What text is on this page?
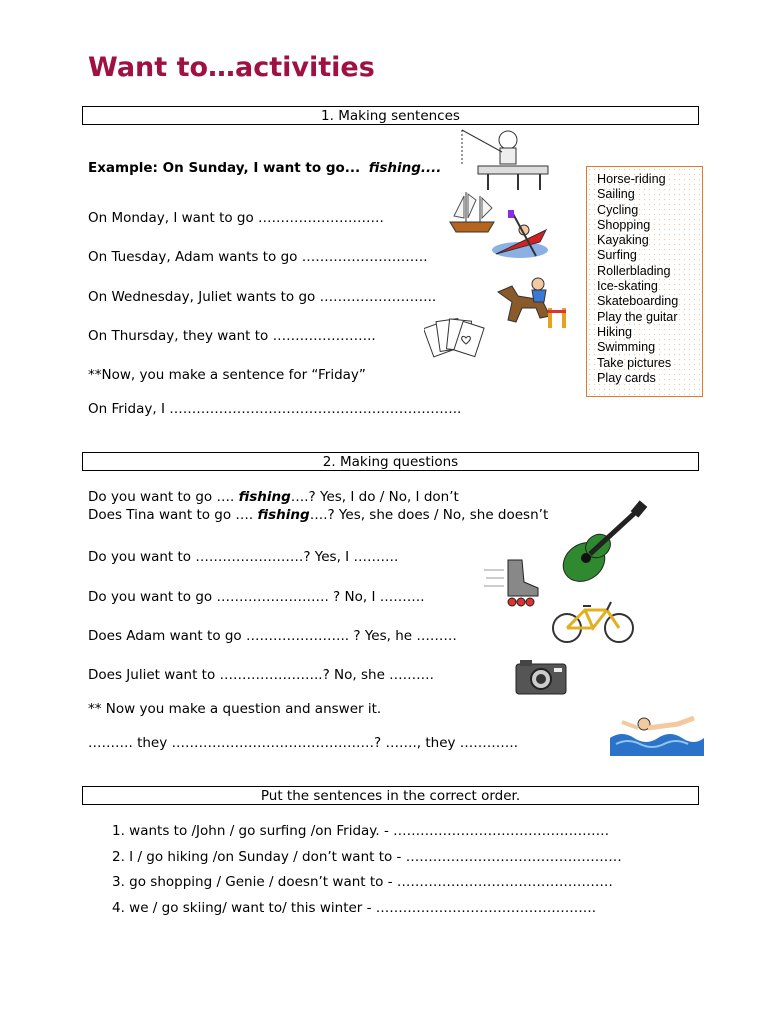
Want to…activities
1. Making sentences
Example: On Sunday, I want to go... fishing....
On Monday, I want to go ……………………….
On Tuesday, Adam wants to go ……………………….
On Wednesday, Juliet wants to go ……………………..
On Thursday, they want to …………………..
**Now, you make a sentence for “Friday”
On Friday, I ………………………………………………………..
Horse-riding
Sailing
Cycling
Shopping
Kayaking
Surfing
Rollerblading
Ice-skating
Skateboarding
Play the guitar
Hiking
Swimming
Take pictures
Play cards
2. Making questions
Do you want to go …. fishing….? Yes, I do / No, I don’t
Does Tina want to go …. fishing….? Yes, she does / No, she doesn’t
Do you want to ……………………? Yes, I ……….
Do you want to go ……………………. ? No, I ……….
Does Adam want to go ………………….. ? Yes, he ………
Does Juliet want to …………………..? No, she ……….
** Now you make a question and answer it.
………. they ………………………………………? ……., they ………….
Put the sentences in the correct order.
1. wants to /John / go surfing /on Friday. - …………………………………………
2. I / go hiking /on Sunday / don’t want to - …………………………………………
3. go shopping / Genie / doesn’t want to - …………………………………………
4. we / go skiing/ want to/ this winter - ………………………………………….
